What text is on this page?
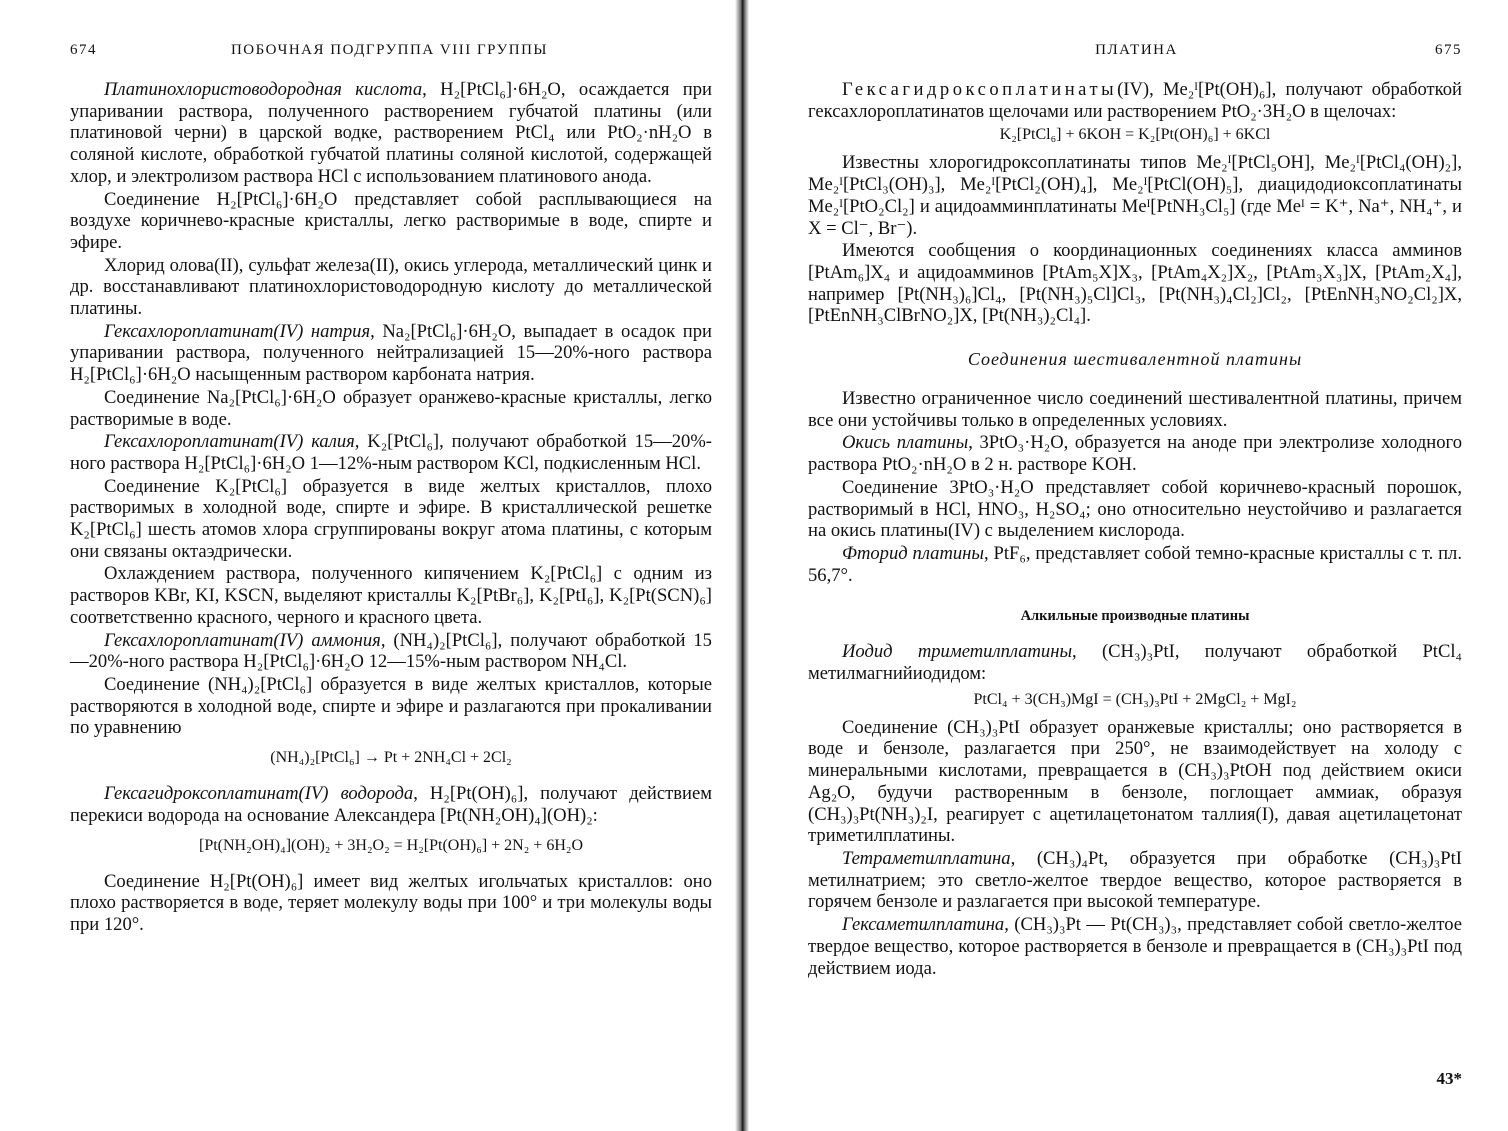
674	ПОБОЧНАЯ ПОДГРУППА VIII ГРУППЫ

Платинохлористоводородная кислота, H₂[PtCl₆]·6H₂O, осаждается при упаривании раствора, полученного растворением губчатой платины (или платиновой черни) в царской водке, растворением PtCl₄ или PtO₂·nH₂O в соляной кислоте, обработкой губчатой платины соляной кислотой, содержащей хлор, и электролизом раствора HCl с использованием платинового анода.

Соединение H₂[PtCl₆]·6H₂O представляет собой расплывающиеся на воздухе коричнево-красные кристаллы, легко растворимые в воде, спирте и эфире.

Хлорид олова(II), сульфат железа(II), окись углерода, металлический цинк и др. восстанавливают платинохлористоводородную кислоту до металлической платины.

Гексахлороплатинат(IV) натрия, Na₂[PtCl₆]·6H₂O, выпадает в осадок при упаривании раствора, полученного нейтрализацией 15—20%-ного раствора H₂[PtCl₆]·6H₂O насыщенным раствором карбоната натрия.

Соединение Na₂[PtCl₆]·6H₂O образует оранжево-красные кристаллы, легко растворимые в воде.

Гексахлороплатинат(IV) калия, K₂[PtCl₆], получают обработкой 15—20%-ного раствора H₂[PtCl₆]·6H₂O 1—12%-ным раствором KCl, подкисленным HCl.

Соединение K₂[PtCl₆] образуется в виде желтых кристаллов, плохо растворимых в холодной воде, спирте и эфире. В кристаллической решетке K₂[PtCl₆] шесть атомов хлора сгруппированы вокруг атома платины, с которым они связаны октаэдрически.

Охлаждением раствора, полученного кипячением K₂[PtCl₆] с одним из растворов KBr, KI, KSCN, выделяют кристаллы K₂[PtBr₆], K₂[PtI₆], K₂[Pt(SCN)₆] соответственно красного, черного и красного цвета.

Гексахлороплатинат(IV) аммония, (NH₄)₂[PtCl₆], получают обработкой 15—20%-ного раствора H₂[PtCl₆]·6H₂O 12—15%-ным раствором NH₄Cl.

Соединение (NH₄)₂[PtCl₆] образуется в виде желтых кристаллов, которые растворяются в холодной воде, спирте и эфире и разлагаются при прокаливании по уравнению

(NH₄)₂[PtCl₆] → Pt + 2NH₄Cl + 2Cl₂

Гексагидроксоплатинат(IV) водорода, H₂[Pt(OH)₆], получают действием перекиси водорода на основание Александера [Pt(NH₂OH)₄](OH)₂:

[Pt(NH₂OH)₄](OH)₂ + 3H₂O₂ = H₂[Pt(OH)₆] + 2N₂ + 6H₂O

Соединение H₂[Pt(OH)₆] имеет вид желтых игольчатых кристаллов: оно плохо растворяется в воде, теряет молекулу воды при 100° и три молекулы воды при 120°.

ПЛАТИНА	675

Гексагидроксоплатинаты(IV), Me₂ᴵ[Pt(OH)₆], получают обработкой гексахлороплатинатов щелочами или растворением PtO₂·3H₂O в щелочах:

K₂[PtCl₆] + 6KOH = K₂[Pt(OH)₆] + 6KCl

Известны хлорогидроксоплатинаты типов Me₂ᴵ[PtCl₅OH], Me₂ᴵ[PtCl₄(OH)₂], Me₂ᴵ[PtCl₃(OH)₃], Me₂ᴵ[PtCl₂(OH)₄], Me₂ᴵ[PtCl(OH)₅], диацидодиоксоплатинаты Me₂ᴵ[PtO₂Cl₂] и ацидоамминплатинаты Meᴵ[PtNH₃Cl₅] (где Meᴵ = K⁺, Na⁺, NH₄⁺, и X = Cl⁻, Br⁻).

Имеются сообщения о координационных соединениях класса амминов [PtAm₆]X₄ и ацидоамминов [PtAm₅X]X₃, [PtAm₄X₂]X₂, [PtAm₃X₃]X, [PtAm₂X₄], например [Pt(NH₃)₆]Cl₄, [Pt(NH₃)₅Cl]Cl₃, [Pt(NH₃)₄Cl₂]Cl₂, [PtEnNH₃NO₂Cl₂]X, [PtEnNH₃ClBrNO₂]X, [Pt(NH₃)₂Cl₄].

Соединения шестивалентной платины

Известно ограниченное число соединений шестивалентной платины, причем все они устойчивы только в определенных условиях.

Окись платины, 3PtO₃·H₂O, образуется на аноде при электролизе холодного раствора PtO₂·nH₂O в 2 н. растворе KOH.

Соединение 3PtO₃·H₂O представляет собой коричнево-красный порошок, растворимый в HCl, HNO₃, H₂SO₄; оно относительно неустойчиво и разлагается на окись платины(IV) с выделением кислорода.

Фторид платины, PtF₆, представляет собой темно-красные кристаллы с т. пл. 56,7°.

Алкильные производные платины

Иодид триметилплатины, (CH₃)₃PtI, получают обработкой PtCl₄ метилмагнийиодидом:

PtCl₄ + 3(CH₃)MgI = (CH₃)₃PtI + 2MgCl₂ + MgI₂

Соединение (CH₃)₃PtI образует оранжевые кристаллы; оно растворяется в воде и бензоле, разлагается при 250°, не взаимодействует на холоду с минеральными кислотами, превращается в (CH₃)₃PtOH под действием окиси Ag₂O, будучи растворенным в бензоле, поглощает аммиак, образуя (CH₃)₃Pt(NH₃)₂I, реагирует с ацетилацетонатом таллия(I), давая ацетилацетонат триметилплатины.

Тетраметилплатина, (CH₃)₄Pt, образуется при обработке (CH₃)₃PtI метилнатрием; это светло-желтое твердое вещество, которое растворяется в горячем бензоле и разлагается при высокой температуре.

Гексаметилплатина, (CH₃)₃Pt — Pt(CH₃)₃, представляет собой светло-желтое твердое вещество, которое растворяется в бензоле и превращается в (CH₃)₃PtI под действием иода.

43*
